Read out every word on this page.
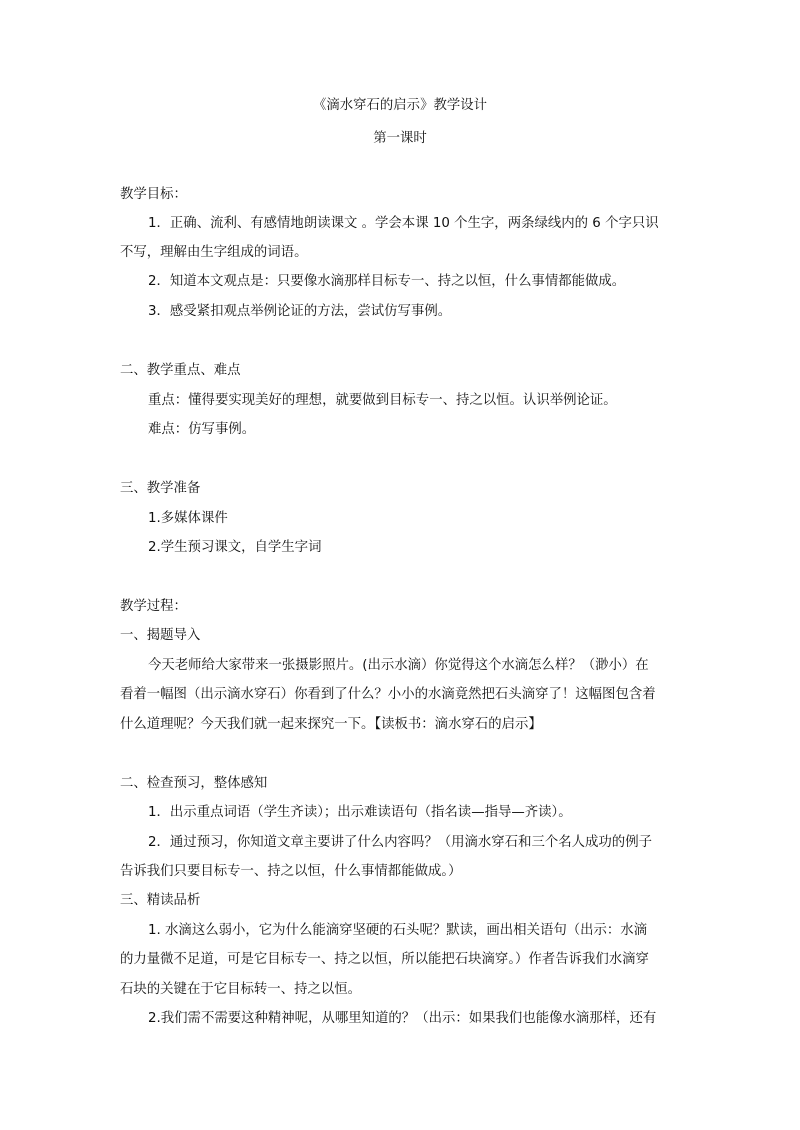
《滴水穿石的启示》教学设计
第一课时
教学目标：
1．正确、流利、有感情地朗读课文 。学会本课 10 个生字，两条绿线内的 6 个字只识
不写，理解由生字组成的词语。
2．知道本文观点是：只要像水滴那样目标专一、持之以恒，什么事情都能做成。
3．感受紧扣观点举例论证的方法，尝试仿写事例。
二、教学重点、难点
重点：懂得要实现美好的理想，就要做到目标专一、持之以恒。认识举例论证。
难点：仿写事例。
三、教学准备
1.多媒体课件
2.学生预习课文，自学生字词
教学过程：
一、揭题导入
今天老师给大家带来一张摄影照片。(出示水滴）你觉得这个水滴怎么样？（渺小）在
看着一幅图（出示滴水穿石）你看到了什么？小小的水滴竟然把石头滴穿了！这幅图包含着
什么道理呢？今天我们就一起来探究一下。【读板书：滴水穿石的启示】
二、检查预习，整体感知
1．出示重点词语（学生齐读）；出示难读语句（指名读—指导—齐读）。
2．通过预习，你知道文章主要讲了什么内容吗？（用滴水穿石和三个名人成功的例子
告诉我们只要目标专一、持之以恒，什么事情都能做成。）
三、精读品析
1. 水滴这么弱小，它为什么能滴穿坚硬的石头呢？默读，画出相关语句（出示：水滴
的力量微不足道，可是它目标专一、持之以恒，所以能把石块滴穿。）作者告诉我们水滴穿
石块的关键在于它目标转一、持之以恒。
2.我们需不需要这种精神呢，从哪里知道的？（出示：如果我们也能像水滴那样，还有
